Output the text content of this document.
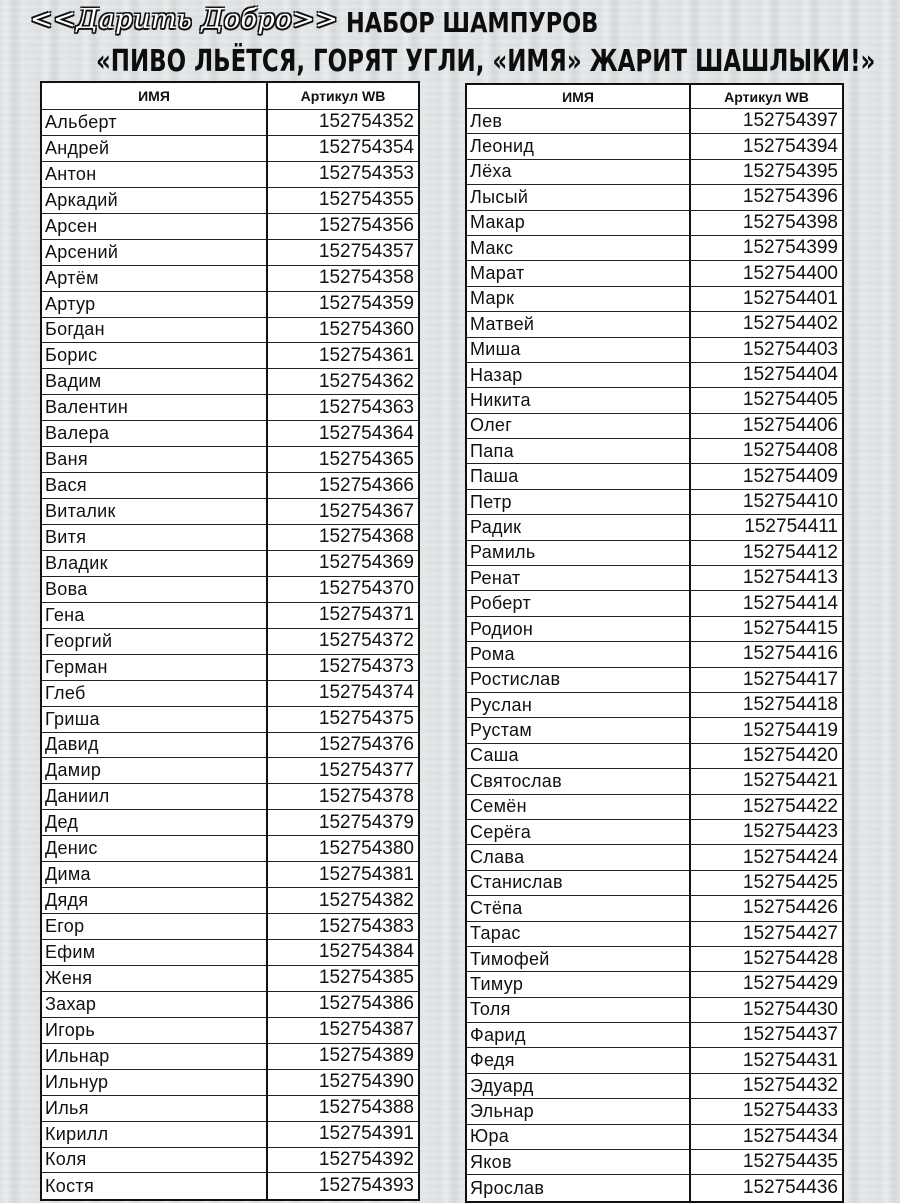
<<Дарить Добро>> НАБОР ШАМПУРОВ
«ПИВО ЛЬЁТСЯ, ГОРЯТ УГЛИ, «ИМЯ» ЖАРИТ ШАШЛЫКИ!»
ИМЯ	Артикул WB
Альберт	152754352
Андрей	152754354
Антон	152754353
Аркадий	152754355
Арсен	152754356
Арсений	152754357
Артём	152754358
Артур	152754359
Богдан	152754360
Борис	152754361
Вадим	152754362
Валентин	152754363
Валера	152754364
Ваня	152754365
Вася	152754366
Виталик	152754367
Витя	152754368
Владик	152754369
Вова	152754370
Гена	152754371
Георгий	152754372
Герман	152754373
Глеб	152754374
Гриша	152754375
Давид	152754376
Дамир	152754377
Даниил	152754378
Дед	152754379
Денис	152754380
Дима	152754381
Дядя	152754382
Егор	152754383
Ефим	152754384
Женя	152754385
Захар	152754386
Игорь	152754387
Ильнар	152754389
Ильнур	152754390
Илья	152754388
Кирилл	152754391
Коля	152754392
Костя	152754393
ИМЯ	Артикул WB
Лев	152754397
Леонид	152754394
Лёха	152754395
Лысый	152754396
Макар	152754398
Макс	152754399
Марат	152754400
Марк	152754401
Матвей	152754402
Миша	152754403
Назар	152754404
Никита	152754405
Олег	152754406
Папа	152754408
Паша	152754409
Петр	152754410
Радик	152754411
Рамиль	152754412
Ренат	152754413
Роберт	152754414
Родион	152754415
Рома	152754416
Ростислав	152754417
Руслан	152754418
Рустам	152754419
Саша	152754420
Святослав	152754421
Семён	152754422
Серёга	152754423
Слава	152754424
Станислав	152754425
Стёпа	152754426
Тарас	152754427
Тимофей	152754428
Тимур	152754429
Толя	152754430
Фарид	152754437
Федя	152754431
Эдуард	152754432
Эльнар	152754433
Юра	152754434
Яков	152754435
Ярослав	152754436
